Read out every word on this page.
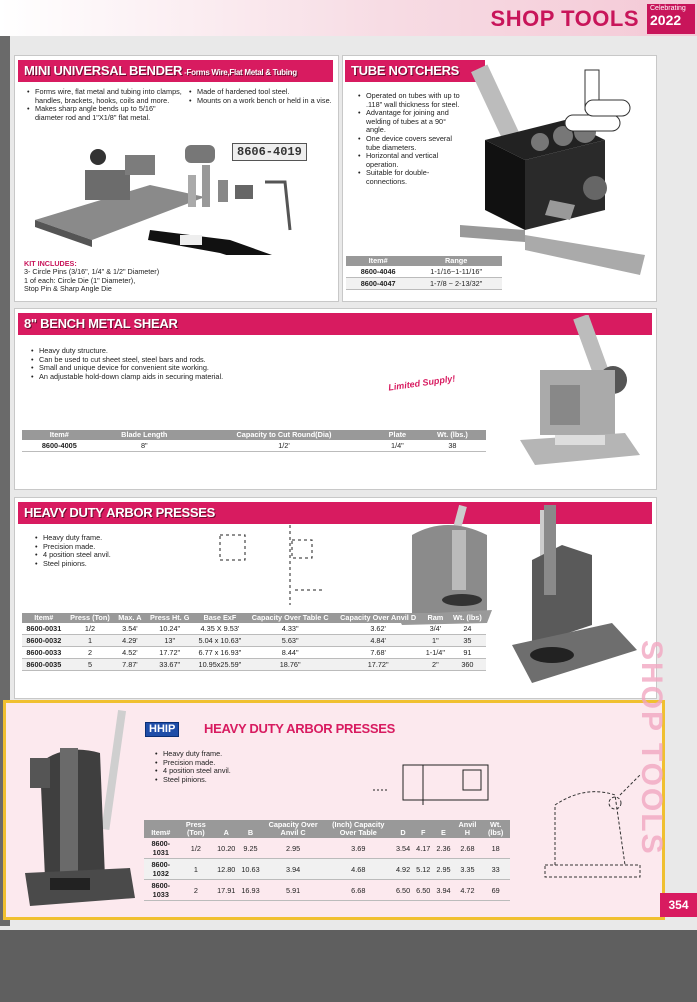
SHOP TOOLS Celebrating
2022
MINI UNIVERSAL BENDER -Forms Wire,Flat Metal & Tubing
• Forms wire, flat metal and tubing into clamps, handles, brackets, hooks, coils and more.
• Makes sharp angle bends up to 5/16" diameter rod and 1"X1/8" flat metal.
• Made of hardened tool steel.
• Mounts on a work bench or held in a vise.
8606-4019
KIT INCLUDES:
3- Circle Pins (3/16", 1/4" & 1/2" Diameter)
1 of each: Circle Die (1" Diameter),
Stop Pin & Sharp Angle Die
TUBE NOTCHERS
• Operated on tubes with up to .118" wall thickness for steel.
• Advantage for joining and welding of tubes at a 90° angle.
• One device covers several tube diameters.
• Horizontal and vertical operation.
• Suitable for double-connections.
Item#	Range
8600-4046	1-1/16~1-11/16"
8600-4047	1-7/8 ~ 2-13/32"
8" BENCH METAL SHEAR
• Heavy duty structure.
• Can be used to cut sheet steel, steel bars and rods.
• Small and unique device for convenient site working.
• An adjustable hold-down clamp aids in securing material.	Limited Supply!
Item#	Blade Length	Capacity to Cut Round(Dia)	Plate	Wt. (lbs.)
8600-4005	8"	1/2'	1/4"	38
HEAVY DUTY ARBOR PRESSES
• Heavy duty frame.
• Precision made.
• 4 position steel anvil.
• Steel pinions.
Item#	Press (Ton)	Max. A	Press Ht. G	Base ExF	Capacity Over Table C	Capacity Over Anvil D	Ram	Wt. (lbs)
8600-0031	1/2	3.54'	10.24"	4.35 X 9.53'	4.33"	3.62'	3/4'	24
8600-0032	1	4.29'	13"	5.04 x 10.63"	5.63"	4.84'	1"	35
8600-0033	2	4.52'	17.72"	6.77 x 16.93"	8.44"	7.68'	1-1/4"	91
8600-0035	5	7.87'	33.67"	10.95x25.59"	18.76"	17.72"	2"	360
HHIP	HEAVY DUTY ARBOR PRESSES
• Heavy duty frame.
• Precision made.
• 4 position steel anvil.
• Steel pinions.
Item#	Press (Ton)	A	B	Capacity Over Anvil C	(Inch) Capacity Over Table	D	F	E	Anvil H	Wt. (lbs)
8600-1031	1/2	10.20	9.25	2.95	3.69	3.54	4.17	2.36	2.68	18
8600-1032	1	12.80	10.63	3.94	4.68	4.92	5.12	2.95	3.35	33
8600-1033	2	17.91	16.93	5.91	6.68	6.50	6.50	3.94	4.72	69
SHOP TOOLS
354
